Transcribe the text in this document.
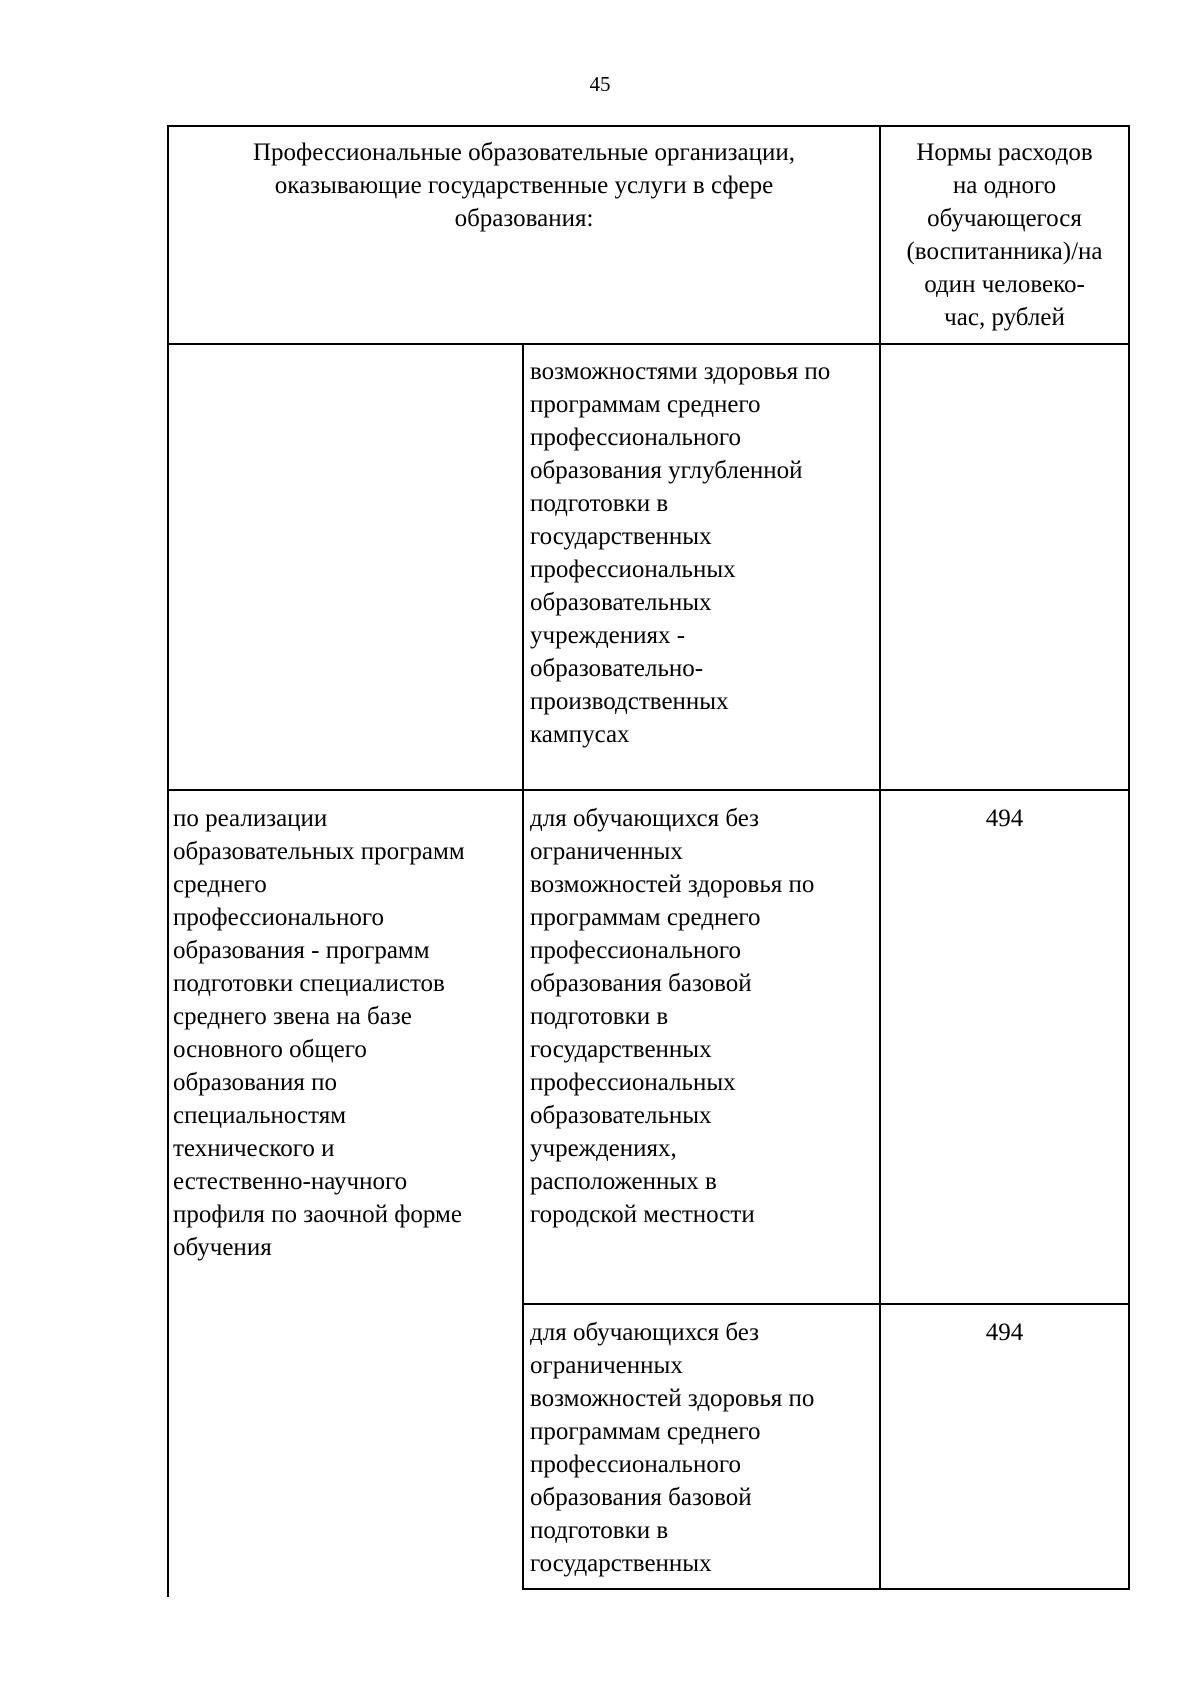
45
Профессиональные образовательные организации,
оказывающие государственные услуги в сфере
образования:
Нормы расходов
на одного
обучающегося
(воспитанника)/на
один человеко-
час, рублей
возможностями здоровья по
программам среднего
профессионального
образования углубленной
подготовки в
государственных
профессиональных
образовательных
учреждениях -
образовательно-
производственных
кампусах
по реализации
образовательных программ
среднего
профессионального
образования - программ
подготовки специалистов
среднего звена на базе
основного общего
образования по
специальностям
технического и
естественно-научного
профиля по заочной форме
обучения
для обучающихся без
ограниченных
возможностей здоровья по
программам среднего
профессионального
образования базовой
подготовки в
государственных
профессиональных
образовательных
учреждениях,
расположенных в
городской местности
494
для обучающихся без
ограниченных
возможностей здоровья по
программам среднего
профессионального
образования базовой
подготовки в
государственных
494
